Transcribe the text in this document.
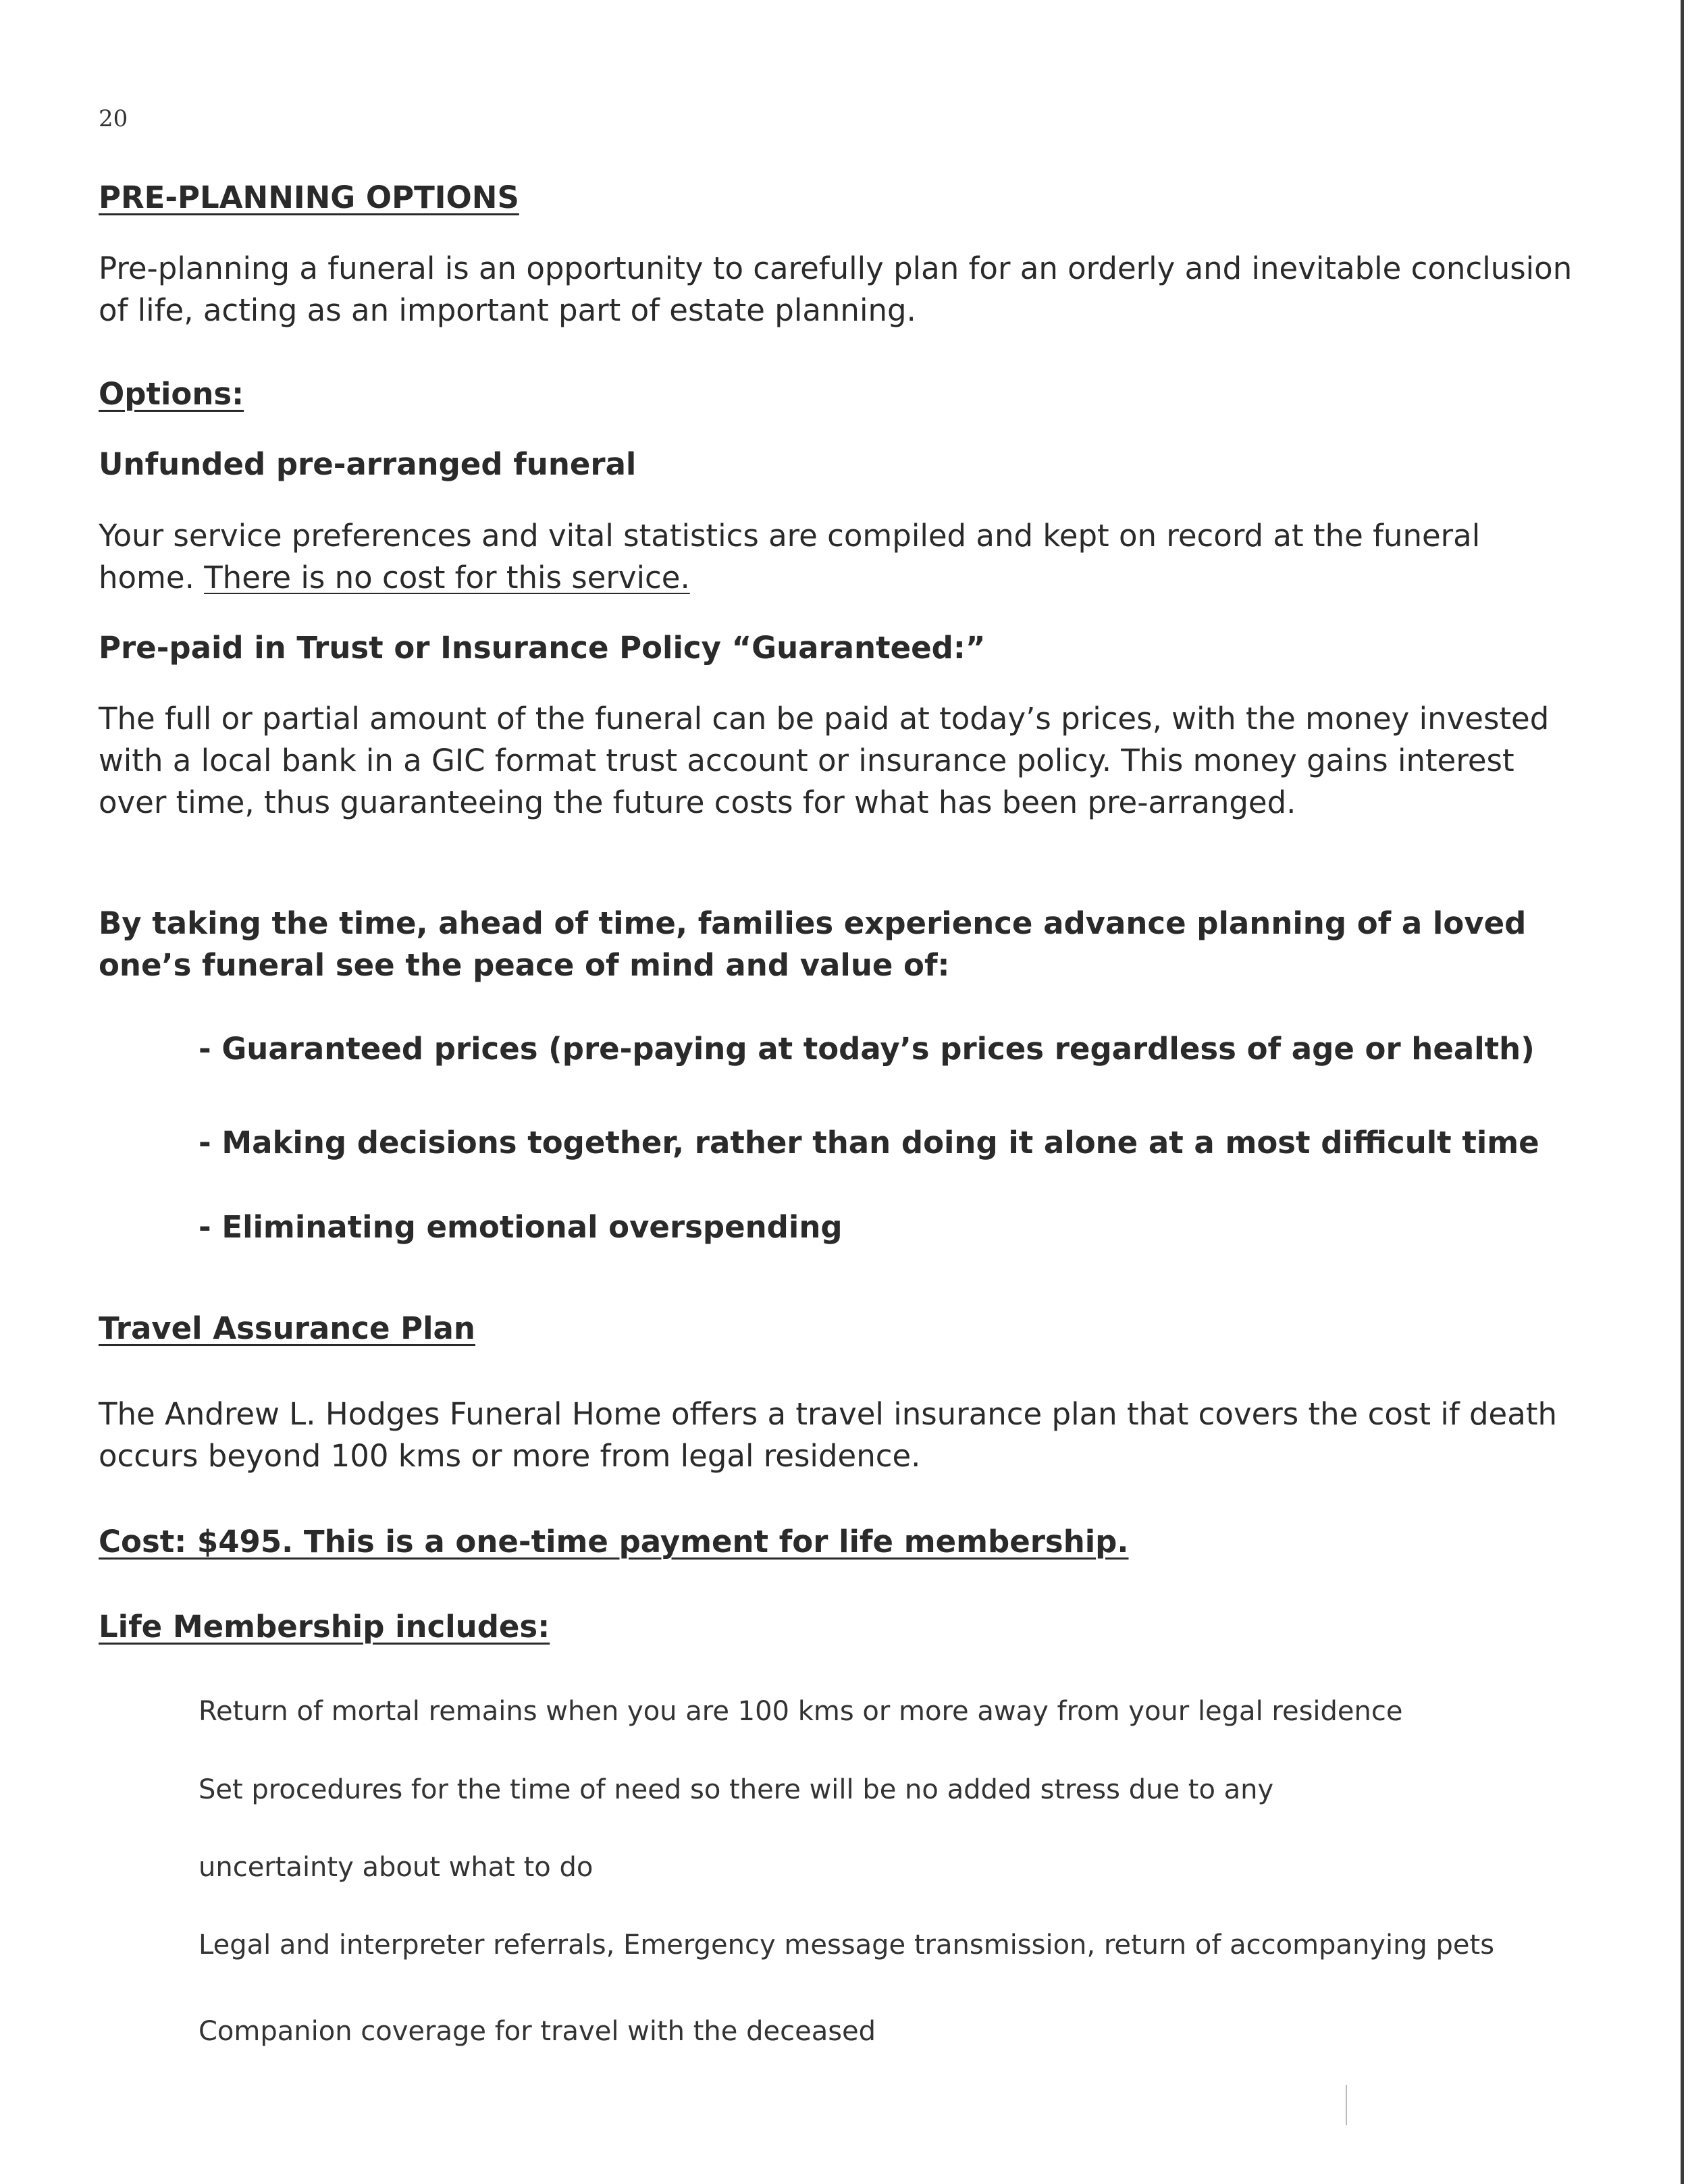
20

PRE-PLANNING OPTIONS

Pre-planning a funeral is an opportunity to carefully plan for an orderly and inevitable conclusion

of life, acting as an important part of estate planning.

Options:

Unfunded pre-arranged funeral

Your service preferences and vital statistics are compiled and kept on record at the funeral

home. There is no cost for this service.

Pre-paid in Trust or Insurance Policy “Guaranteed:”

The full or partial amount of the funeral can be paid at today’s prices, with the money invested

with a local bank in a GIC format trust account or insurance policy. This money gains interest

over time, thus guaranteeing the future costs for what has been pre-arranged.

By taking the time, ahead of time, families experience advance planning of a loved

one’s funeral see the peace of mind and value of:

- Guaranteed prices (pre-paying at today’s prices regardless of age or health)

- Making decisions together, rather than doing it alone at a most difficult time

- Eliminating emotional overspending

Travel Assurance Plan

The Andrew L. Hodges Funeral Home offers a travel insurance plan that covers the cost if death

occurs beyond 100 kms or more from legal residence.

Cost: $495. This is a one-time payment for life membership.

Life Membership includes:

Return of mortal remains when you are 100 kms or more away from your legal residence

Set procedures for the time of need so there will be no added stress due to any

uncertainty about what to do

Legal and interpreter referrals, Emergency message transmission, return of accompanying pets

Companion coverage for travel with the deceased
